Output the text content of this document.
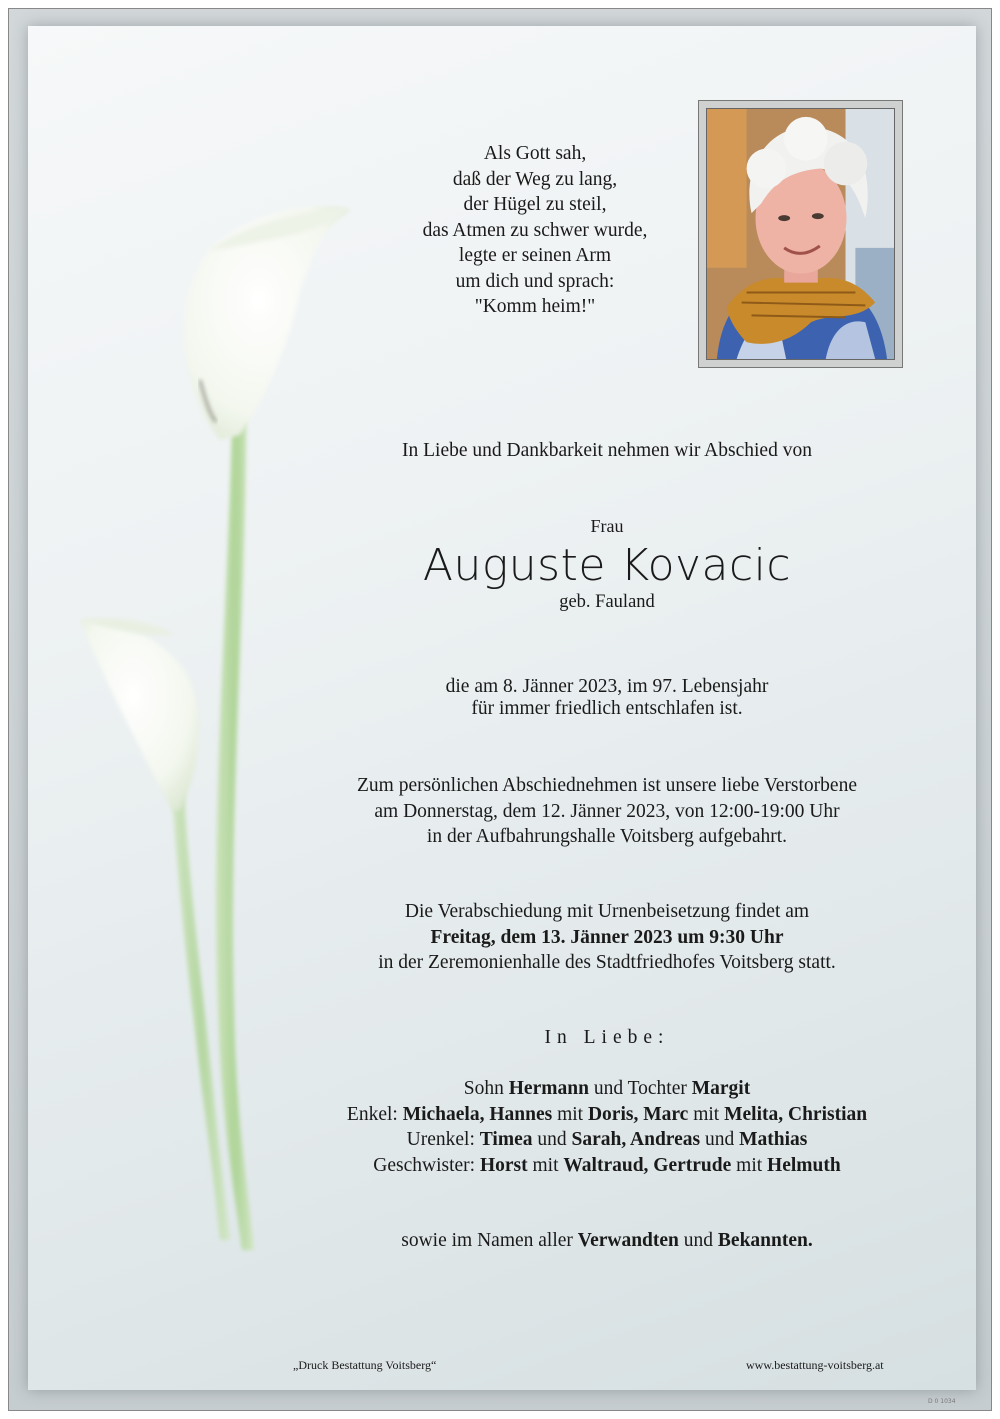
Als Gott sah,
daß der Weg zu lang,
der Hügel zu steil,
das Atmen zu schwer wurde,
legte er seinen Arm
um dich und sprach:
"Komm heim!"
In Liebe und Dankbarkeit nehmen wir Abschied von
Frau
Auguste Kovacic
geb. Fauland
die am 8. Jänner 2023, im 97. Lebensjahr
für immer friedlich entschlafen ist.
Zum persönlichen Abschiednehmen ist unsere liebe Verstorbene
am Donnerstag, dem 12. Jänner 2023, von 12:00-19:00 Uhr
in der Aufbahrungshalle Voitsberg aufgebahrt.
Die Verabschiedung mit Urnenbeisetzung findet am
Freitag, dem 13. Jänner 2023 um 9:30 Uhr
in der Zeremonienhalle des Stadtfriedhofes Voitsberg statt.
In Liebe:
Sohn Hermann und Tochter Margit
Enkel: Michaela, Hannes mit Doris, Marc mit Melita, Christian
Urenkel: Timea und Sarah, Andreas und Mathias
Geschwister: Horst mit Waltraud, Gertrude mit Helmuth
sowie im Namen aller Verwandten und Bekannten.
„Druck Bestattung Voitsberg“	www.bestattung-voitsberg.at
D 0 1034
